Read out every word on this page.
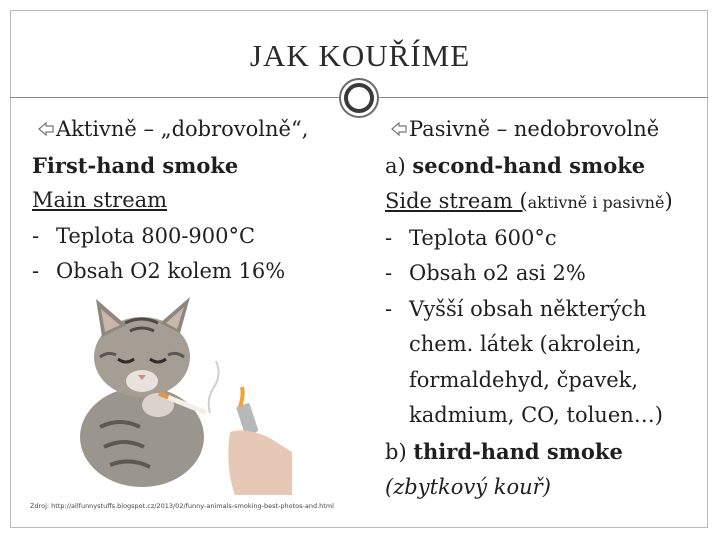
JAK KOUŘÍME
Aktivně – „dobrovolně“,
First-hand smoke
Main stream
- Teplota 800-900°C
- Obsah O2 kolem 16%
Zdroj: http://allfunnystuffs.blogspot.cz/2013/02/funny-animals-smoking-best-photos-and.html
Pasivně – nedobrovolně
a) second-hand smoke
Side stream (aktivně i pasivně)
- Teplota 600°c
- Obsah o2 asi 2%
- Vyšší obsah některých
chem. látek (akrolein,
formaldehyd, čpavek,
kadmium, CO, toluen…)
b) third-hand smoke
(zbytkový kouř)
